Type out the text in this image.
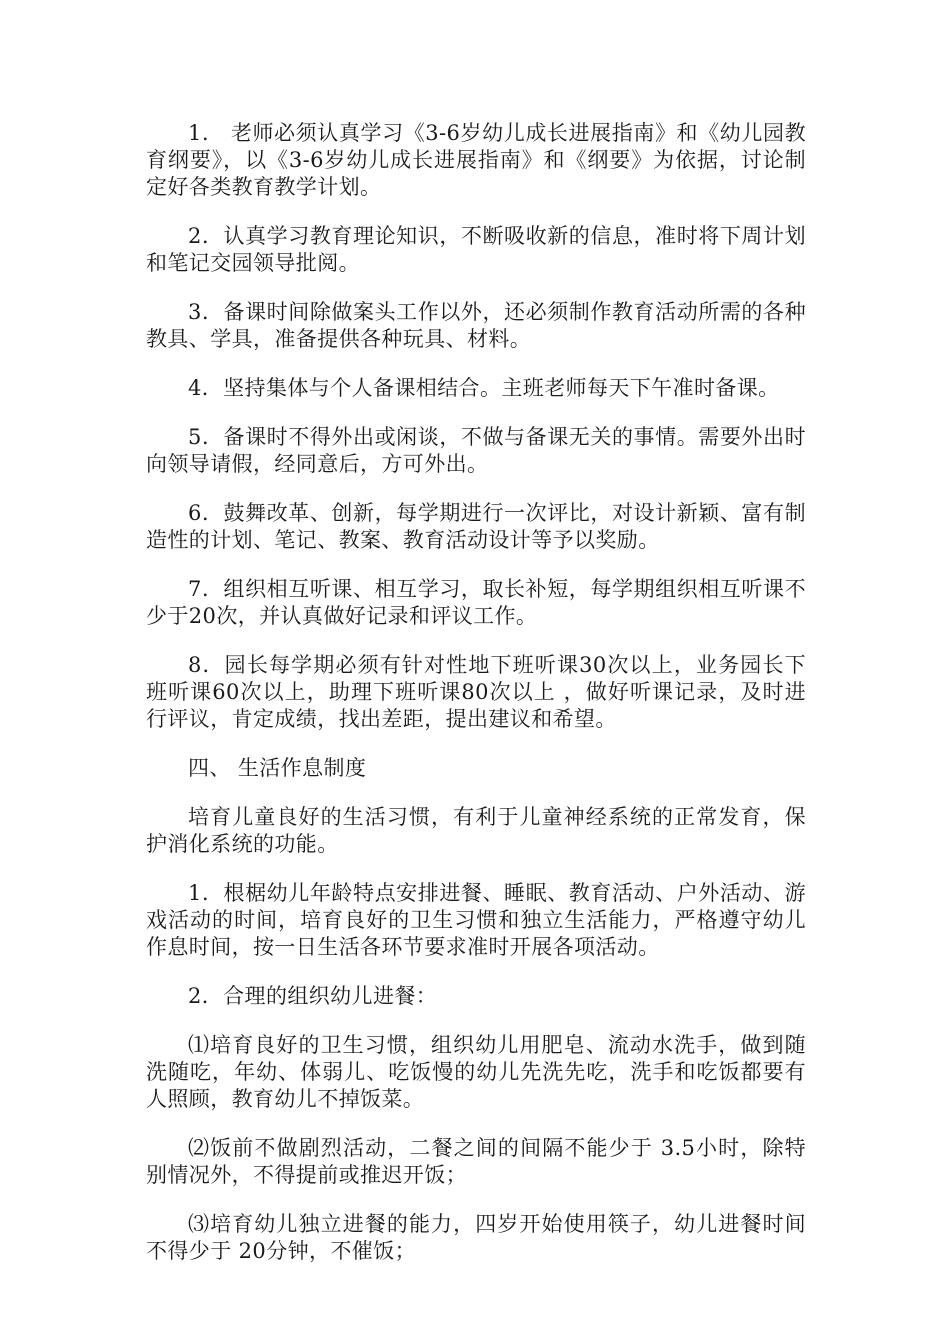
1． 老师必须认真学习《3-6岁幼儿成长进展指南》和《幼儿园教育纲要》，以《3-6岁幼儿成长进展指南》和《纲要》为依据，讨论制定好各类教育教学计划。

2．认真学习教育理论知识，不断吸收新的信息，准时将下周计划和笔记交园领导批阅。

3．备课时间除做案头工作以外，还必须制作教育活动所需的各种教具、学具，准备提供各种玩具、材料。

4．坚持集体与个人备课相结合。主班老师每天下午准时备课。

5．备课时不得外出或闲谈，不做与备课无关的事情。需要外出时向领导请假，经同意后，方可外出。

6．鼓舞改革、创新，每学期进行一次评比，对设计新颖、富有制造性的计划、笔记、教案、教育活动设计等予以奖励。

7．组织相互听课、相互学习，取长补短，每学期组织相互听课不少于20次，并认真做好记录和评议工作。

8．园长每学期必须有针对性地下班听课30次以上，业务园长下班听课60次以上，助理下班听课80次以上 ，做好听课记录，及时进行评议，肯定成绩，找出差距，提出建议和希望。

四、 生活作息制度

培育儿童良好的生活习惯，有利于儿童神经系统的正常发育，保护消化系统的功能。

1．根椐幼儿年龄特点安排进餐、睡眠、教育活动、户外活动、游戏活动的时间，培育良好的卫生习惯和独立生活能力，严格遵守幼儿作息时间，按一日生活各环节要求准时开展各项活动。

2．合理的组织幼儿进餐：

⑴培育良好的卫生习惯，组织幼儿用肥皂、流动水洗手，做到随洗随吃，年幼、体弱儿、吃饭慢的幼儿先洗先吃，洗手和吃饭都要有人照顾，教育幼儿不掉饭菜。

⑵饭前不做剧烈活动，二餐之间的间隔不能少于 3.5小时，除特别情况外，不得提前或推迟开饭；

⑶培育幼儿独立进餐的能力，四岁开始使用筷子，幼儿进餐时间不得少于 20分钟，不催饭；
